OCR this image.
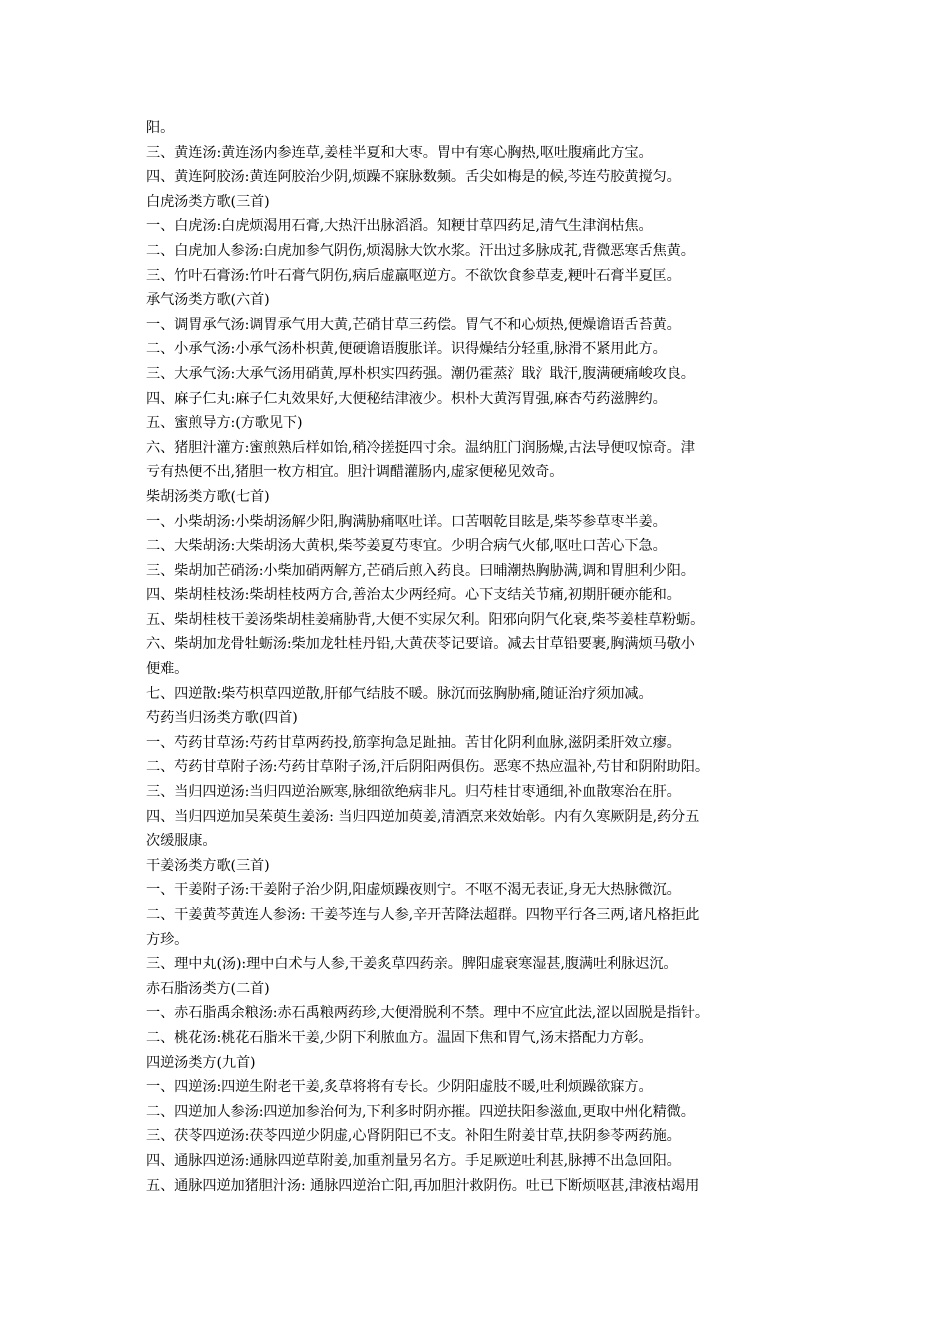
阳。
三、黄连汤:黄连汤内参连草,姜桂半夏和大枣。胃中有寒心胸热,呕吐腹痛此方宝。
四、黄连阿胶汤:黄连阿胶治少阴,烦躁不寐脉数频。舌尖如梅是的候,芩连芍胶黄搅匀。
白虎汤类方歌(三首)
一、白虎汤:白虎烦渴用石膏,大热汗出脉滔滔。知粳甘草四药足,清气生津润枯焦。
二、白虎加人参汤:白虎加参气阴伤,烦渴脉大饮水浆。汗出过多脉成芤,背微恶寒舌焦黄。
三、竹叶石膏汤:竹叶石膏气阴伤,病后虚羸呕逆方。不欲饮食参草麦,粳叶石膏半夏匡。
承气汤类方歌(六首)
一、调胃承气汤:调胃承气用大黄,芒硝甘草三药偿。胃气不和心烦热,便燥谵语舌苔黄。
二、小承气汤:小承气汤朴枳黄,便硬谵语腹胀详。识得燥结分轻重,脉滑不紧用此方。
三、大承气汤:大承气汤用硝黄,厚朴枳实四药强。潮仍霍蒸氵戢氵戢汗,腹满硬痛峻攻良。
四、麻子仁丸:麻子仁丸效果好,大便秘结津液少。枳朴大黄泻胃强,麻杏芍药滋脾约。
五、蜜煎导方:(方歌见下)
六、猪胆汁灌方:蜜煎熟后样如饴,稍冷搓挺四寸余。温纳肛门润肠燥,古法导便叹惊奇。津
亏有热便不出,猪胆一枚方相宜。胆汁调醋灌肠内,虚家便秘见效奇。
柴胡汤类方歌(七首)
一、小柴胡汤:小柴胡汤解少阳,胸满胁痛呕吐详。口苦咽乾目眩是,柴芩参草枣半姜。
二、大柴胡汤:大柴胡汤大黄枳,柴芩姜夏芍枣宜。少明合病气火郁,呕吐口苦心下急。
三、柴胡加芒硝汤:小柴加硝两解方,芒硝后煎入药良。曰晡潮热胸胁满,调和胃胆利少阳。
四、柴胡桂枝汤:柴胡桂枝两方合,善治太少两经疴。心下支结关节痛,初期肝硬亦能和。
五、柴胡桂枝干姜汤柴胡桂姜痛胁背,大便不实尿欠利。阳邪向阴气化衰,柴芩姜桂草粉蛎。
六、柴胡加龙骨牡蛎汤:柴加龙牡桂丹铅,大黄茯苓记要谙。减去甘草铅要裹,胸满烦马敬小
便难。
七、四逆散:柴芍枳草四逆散,肝郁气结肢不暖。脉沉而弦胸胁痛,随证治疗须加减。
芍药当归汤类方歌(四首)
一、芍药甘草汤:芍药甘草两药投,筋挛拘急足趾抽。苦甘化阴利血脉,滋阴柔肝效立瘳。
二、芍药甘草附子汤:芍药甘草附子汤,汗后阴阳两俱伤。恶寒不热应温补,芍甘和阴附助阳。
三、当归四逆汤:当归四逆治厥寒,脉细欲绝病非凡。归芍桂甘枣通细,补血散寒治在肝。
四、当归四逆加吴茱萸生姜汤: 当归四逆加萸姜,清酒烹来效始彰。内有久寒厥阴是,药分五
次缓服康。
干姜汤类方歌(三首)
一、干姜附子汤:干姜附子治少阴,阳虚烦躁夜则宁。不呕不渴无表证,身无大热脉微沉。
二、干姜黄芩黄连人参汤: 干姜芩连与人参,辛开苦降法超群。四物平行各三两,诸凡格拒此
方珍。
三、理中丸(汤):理中白术与人参,干姜炙草四药亲。脾阳虚衰寒湿甚,腹满吐利脉迟沉。
赤石脂汤类方(二首)
一、赤石脂禹余粮汤:赤石禹粮两药珍,大便滑脱利不禁。理中不应宜此法,涩以固脱是指针。
二、桃花汤:桃花石脂米干姜,少阴下利脓血方。温固下焦和胃气,汤末搭配力方彰。
四逆汤类方(九首)
一、四逆汤:四逆生附老干姜,炙草将将有专长。少阴阳虚肢不暖,吐利烦躁欲寐方。
二、四逆加人参汤:四逆加参治何为,下利多时阴亦摧。四逆扶阳参滋血,更取中州化精微。
三、茯苓四逆汤:茯苓四逆少阴虚,心肾阴阳已不支。补阳生附姜甘草,扶阴参苓两药施。
四、通脉四逆汤:通脉四逆草附姜,加重剂量另名方。手足厥逆吐利甚,脉搏不出急回阳。
五、通脉四逆加猪胆汁汤: 通脉四逆治亡阳,再加胆汁救阴伤。吐已下断烦呕甚,津液枯竭用
